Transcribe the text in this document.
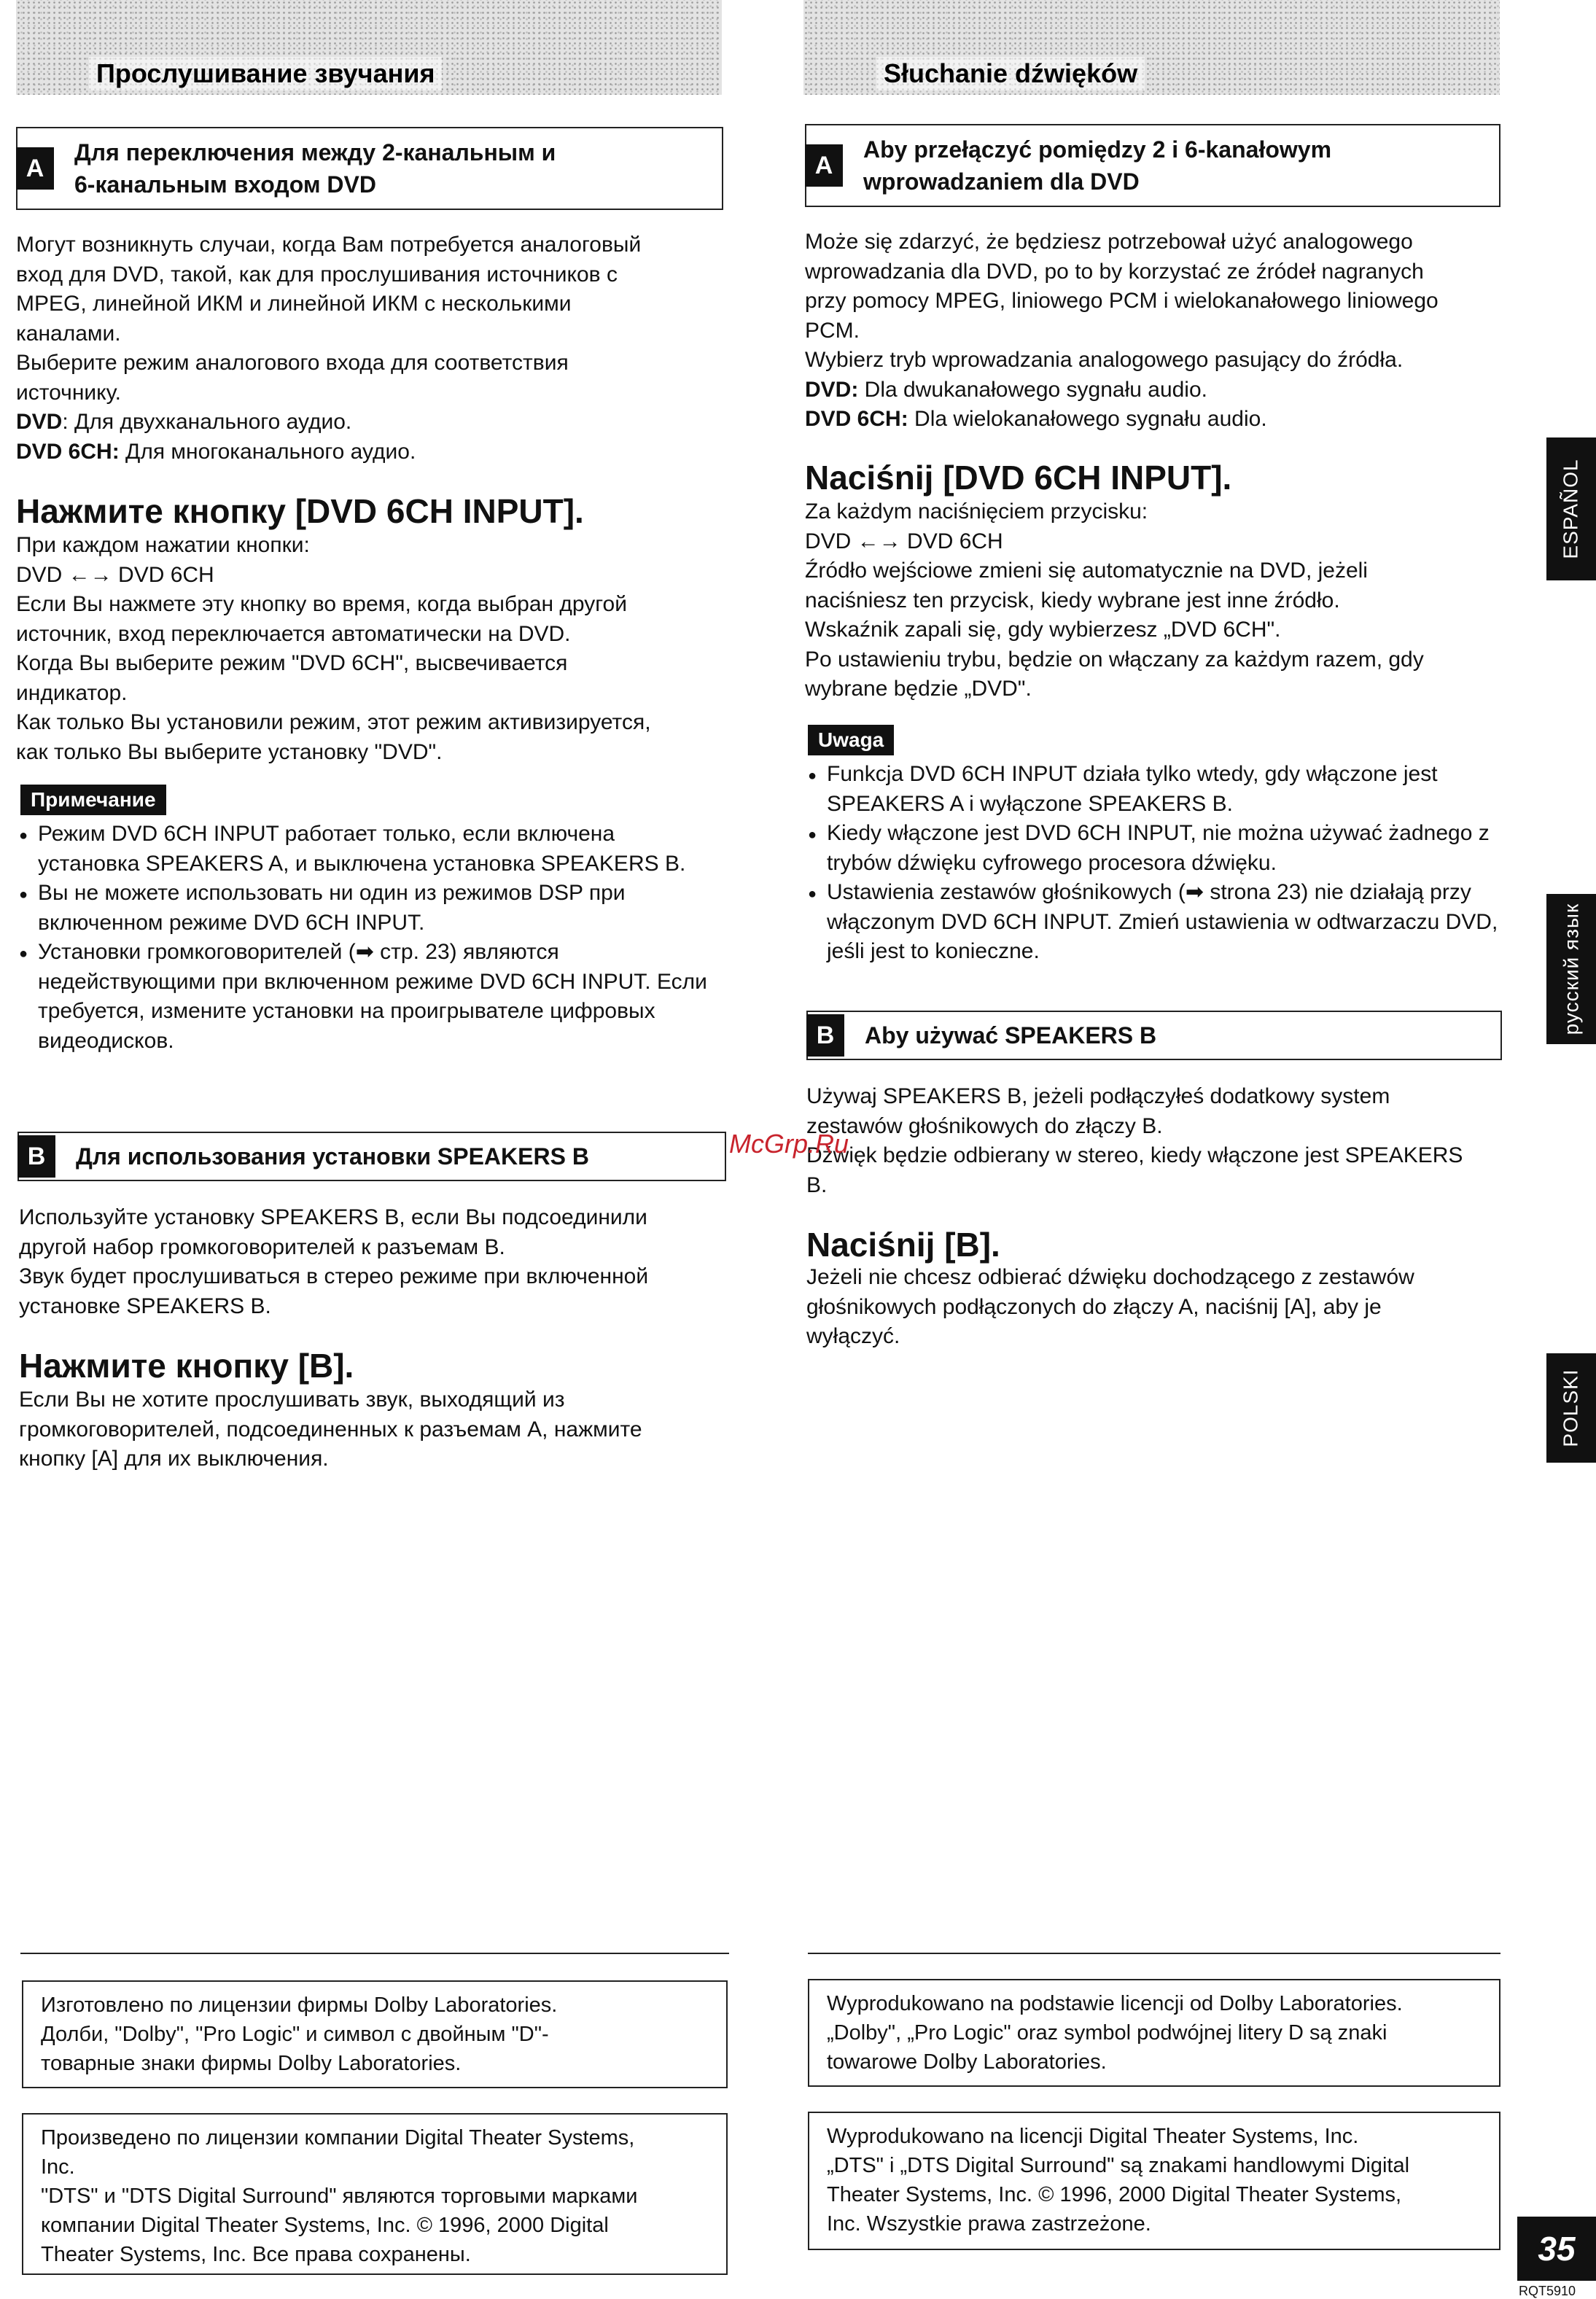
Прослушивание звучания
A
Для переключения между 2-канальным и
6-канальным входом DVD

Могут возникнуть случаи, когда Вам потребуется аналоговый

вход для DVD, такой, как для прослушивания источников с

MPEG, линейной ИКМ и линейной ИКМ с несколькими

каналами.

Выберите режим аналогового входа для соответствия

источнику.

DVD: Для двухканального аудио.

DVD 6CH: Для многоканального аудио.

Нажмите кнопку [DVD 6CH INPUT].

При каждом нажатии кнопки:

DVD ←→ DVD 6CH

Если Вы нажмете эту кнопку во время, когда выбран другой

источник, вход переключается автоматически на DVD.

Когда Вы выберите режим "DVD 6CH", высвечивается

индикатор.

Как только Вы установили режим, этот режим активизируется,

как только Вы выберите установку "DVD".

Примечание
● Режим DVD 6CH INPUT работает только, если включена установка SPEAKERS A, и выключена установка SPEAKERS B.
● Вы не можете использовать ни один из режимов DSP при включенном режиме DVD 6CH INPUT.
● Установки громкоговорителей (➡ стр. 23) являются недействующими при включенном режиме DVD 6CH INPUT. Если требуется, измените установки на проигрывателе цифровых видеодисков.
B	Для использования установки SPEAKERS B

Используйте установку SPEAKERS B, если Вы подсоединили

другой набор громкоговорителей к разъемам B.

Звук будет прослушиваться в стерео режиме при включенной

установке SPEAKERS B.

Нажмите кнопку [B].

Если Вы не хотите прослушивать звук, выходящий из

громкоговорителей, подсоединенных к разъемам A, нажмите

кнопку [A] для их выключения.

Изготовлено по лицензии фирмы Dolby Laboratories.

Долби, "Dolby", "Pro Logic" и символ с двойным "D"-

товарные знаки фирмы Dolby Laboratories.

Произведено по лицензии компании Digital Theater Systems,

Inc.

"DTS" и "DTS Digital Surround" являются торговыми марками

компании Digital Theater Systems, Inc. © 1996, 2000 Digital

Theater Systems, Inc. Все права сохранены.

Słuchanie dźwięków
A
Aby przełączyć pomiędzy 2 i 6-kanałowym
wprowadzaniem dla DVD

Może się zdarzyć, że będziesz potrzebował użyć analogowego

wprowadzania dla DVD, po to by korzystać ze źródeł nagranych

przy pomocy MPEG, liniowego PCM i wielokanałowego liniowego

PCM.

Wybierz tryb wprowadzania analogowego pasujący do źródła.

DVD: Dla dwukanałowego sygnału audio.

DVD 6CH: Dla wielokanałowego sygnału audio.

Naciśnij [DVD 6CH INPUT].

Za każdym naciśnięciem przycisku:

DVD ←→ DVD 6CH

Źródło wejściowe zmieni się automatycznie na DVD, jeżeli

naciśniesz ten przycisk, kiedy wybrane jest inne źródło.

Wskaźnik zapali się, gdy wybierzesz „DVD 6CH".

Po ustawieniu trybu, będzie on włączany za każdym razem, gdy

wybrane będzie „DVD".

Uwaga
● Funkcja DVD 6CH INPUT działa tylko wtedy, gdy włączone jest SPEAKERS A i wyłączone SPEAKERS B.
● Kiedy włączone jest DVD 6CH INPUT, nie można używać żadnego z trybów dźwięku cyfrowego procesora dźwięku.
● Ustawienia zestawów głośnikowych (➡ strona 23) nie działają przy włączonym DVD 6CH INPUT. Zmień ustawienia w odtwarzaczu DVD, jeśli jest to konieczne.
B	Aby używać SPEAKERS B

Używaj SPEAKERS B, jeżeli podłączyłeś dodatkowy system

zestawów głośnikowych do złączy B.

Dźwięk będzie odbierany w stereo, kiedy włączone jest SPEAKERS

B.

Naciśnij [B].

Jeżeli nie chcesz odbierać dźwięku dochodzącego z zestawów

głośnikowych podłączonych do złączy A, naciśnij [A], aby je

wyłączyć.

Wyprodukowano na podstawie licencji od Dolby Laboratories.

„Dolby", „Pro Logic" oraz symbol podwójnej litery D są znaki

towarowe Dolby Laboratories.

Wyprodukowano na licencji Digital Theater Systems, Inc.

„DTS" i „DTS Digital Surround" są znakami handlowymi Digital

Theater Systems, Inc. © 1996, 2000 Digital Theater Systems,

Inc. Wszystkie prawa zastrzeżone.

McGrp.Ru
ESPAÑOL
русский язык
POLSKI
35
RQT5910
